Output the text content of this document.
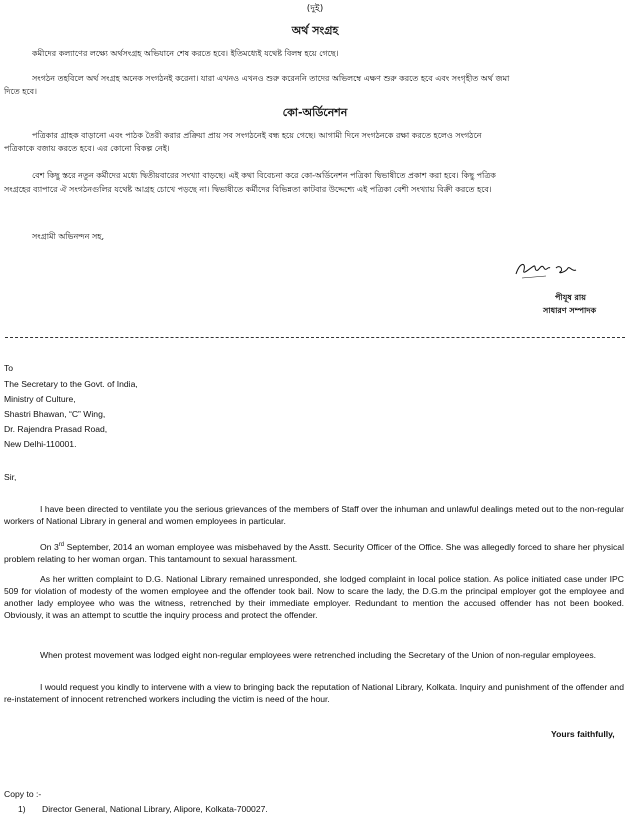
(দুই)
অর্থ সংগ্রহ
কমীদের কল্যাণের লক্ষ্যে অর্থসংগ্রহ অভিযানে শেষ করতে হবে। ইতিমধ্যেই যথেষ্ট বিলম্ব হয়ে গেছে।
সংগঠন তহবিলে অর্থ সংগ্রহ অনেক সংগঠনই করেনা। যারা এখনও এখনও শুরু করেননি তাদের অভিলম্বে এক্ষণ শুরু করতে হবে এবং সংগৃহীত অর্থ জমা
দিতে হবে।
কো-অর্ডিনেশন
পত্রিকার গ্রাহক বাড়ানো এবং পাঠক তৈরী করার প্রক্রিয়া প্রায় সব সংগঠনেই বন্ধ হয়ে গেছে। আগামী দিনে সংগঠনকে রক্ষা করতে হলেও সংগঠনে
পত্রিকাকে বজায় করতে হবে। এর কোনো বিকল্প নেই।
বেশ কিছু স্তরে নতুন কর্মীদের মধ্যে দ্বিতীয়বারের সংখ্যা বাড়ছে। এই কথা বিবেচনা করে কো-অর্ডিনেশন পত্রিকা দ্বিভাষীতে প্রকাশ করা হবে। কিছু পত্রিক
সংগ্রহের ব্যাপারে ঐ সংগঠনগুলির যথেষ্ট আগ্রহ চোখে পড়ছে না। দ্বিভাষীতে কর্মীদের বিভিন্নতা কাটবার উদ্দেশ্যে এই পত্রিকা বেশী সংখ্যায় বিক্রী করতে হবে।
সংগ্রামী অভিনন্দন সহ,
পীযূষ রায়
সাধারণ সম্পাদক
To
The Secretary to the Govt. of India,
Ministry of Culture,
Shastri Bhawan, “C” Wing,
Dr. Rajendra Prasad Road,
New Delhi-110001.
Sir,
I have been directed to ventilate you the serious grievances of the members of Staff over the inhuman and unlawful dealings meted out to the non-regular workers of National Library in general and women employees in particular.
On 3rd September, 2014 an woman employee was misbehaved by the Asstt. Security Officer of the Office. She was allegedly forced to share her physical problem relating to her woman organ. This tantamount to sexual harassment.
As her written complaint to D.G. National Library remained unresponded, she lodged complaint in local police station. As police initiated case under IPC 509 for violation of modesty of the women employee and the offender took bail. Now to scare the lady, the D.G.m the principal employer got the employee and another lady employee who was the witness, retrenched by their immediate employer. Redundant to mention the accused offender has not been booked. Obviously, it was an attempt to scuttle the inquiry process and protect the offender.
When protest movement was lodged eight non-regular employees were retrenched including the Secretary of the Union of non-regular employees.
I would request you kindly to intervene with a view to bringing back the reputation of National Library, Kolkata. Inquiry and punishment of the offender and re-instatement of innocent retrenched workers including the victim is need of the hour.
Yours faithfully,
Copy to :-
1) Director General, National Library, Alipore, Kolkata-700027.
